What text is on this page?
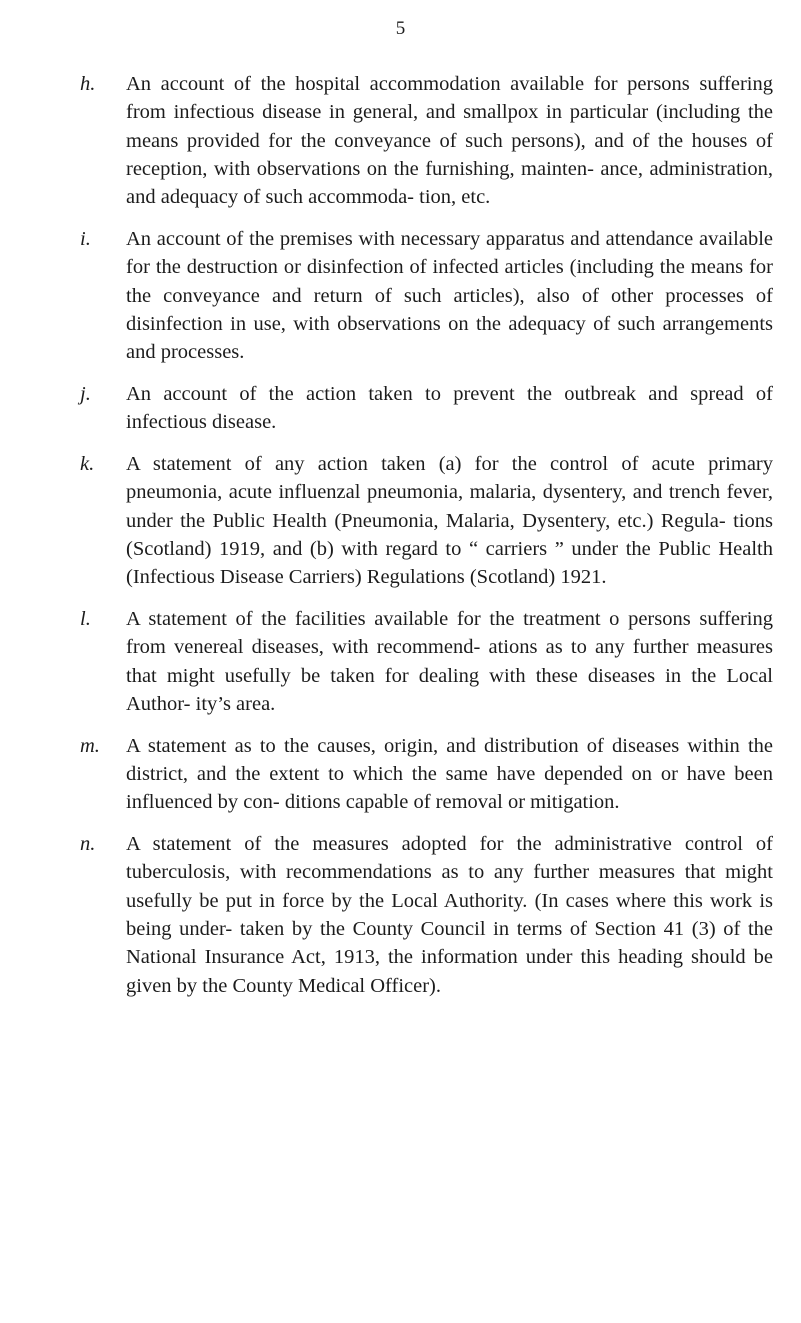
5
h. An account of the hospital accommodation available for persons suffering from infectious disease in general, and smallpox in particular (including the means provided for the conveyance of such persons), and of the houses of reception, with observations on the furnishing, mainten- ance, administration, and adequacy of such accommoda- tion, etc.
i. An account of the premises with necessary apparatus and attendance available for the destruction or disinfection of infected articles (including the means for the conveyance and return of such articles), also of other processes of disinfection in use, with observations on the adequacy of such arrangements and processes.
j. An account of the action taken to prevent the outbreak and spread of infectious disease.
k. A statement of any action taken (a) for the control of acute primary pneumonia, acute influenzal pneumonia, malaria, dysentery, and trench fever, under the Public Health (Pneumonia, Malaria, Dysentery, etc.) Regula- tions (Scotland) 1919, and (b) with regard to “ carriers ” under the Public Health (Infectious Disease Carriers) Regulations (Scotland) 1921.
l. A statement of the facilities available for the treatment o persons suffering from venereal diseases, with recommend- ations as to any further measures that might usefully be taken for dealing with these diseases in the Local Author- ity’s area.
m. A statement as to the causes, origin, and distribution of diseases within the district, and the extent to which the same have depended on or have been influenced by con- ditions capable of removal or mitigation.
n. A statement of the measures adopted for the administrative control of tuberculosis, with recommendations as to any further measures that might usefully be put in force by the Local Authority. (In cases where this work is being under- taken by the County Council in terms of Section 41 (3) of the National Insurance Act, 1913, the information under this heading should be given by the County Medical Officer).
